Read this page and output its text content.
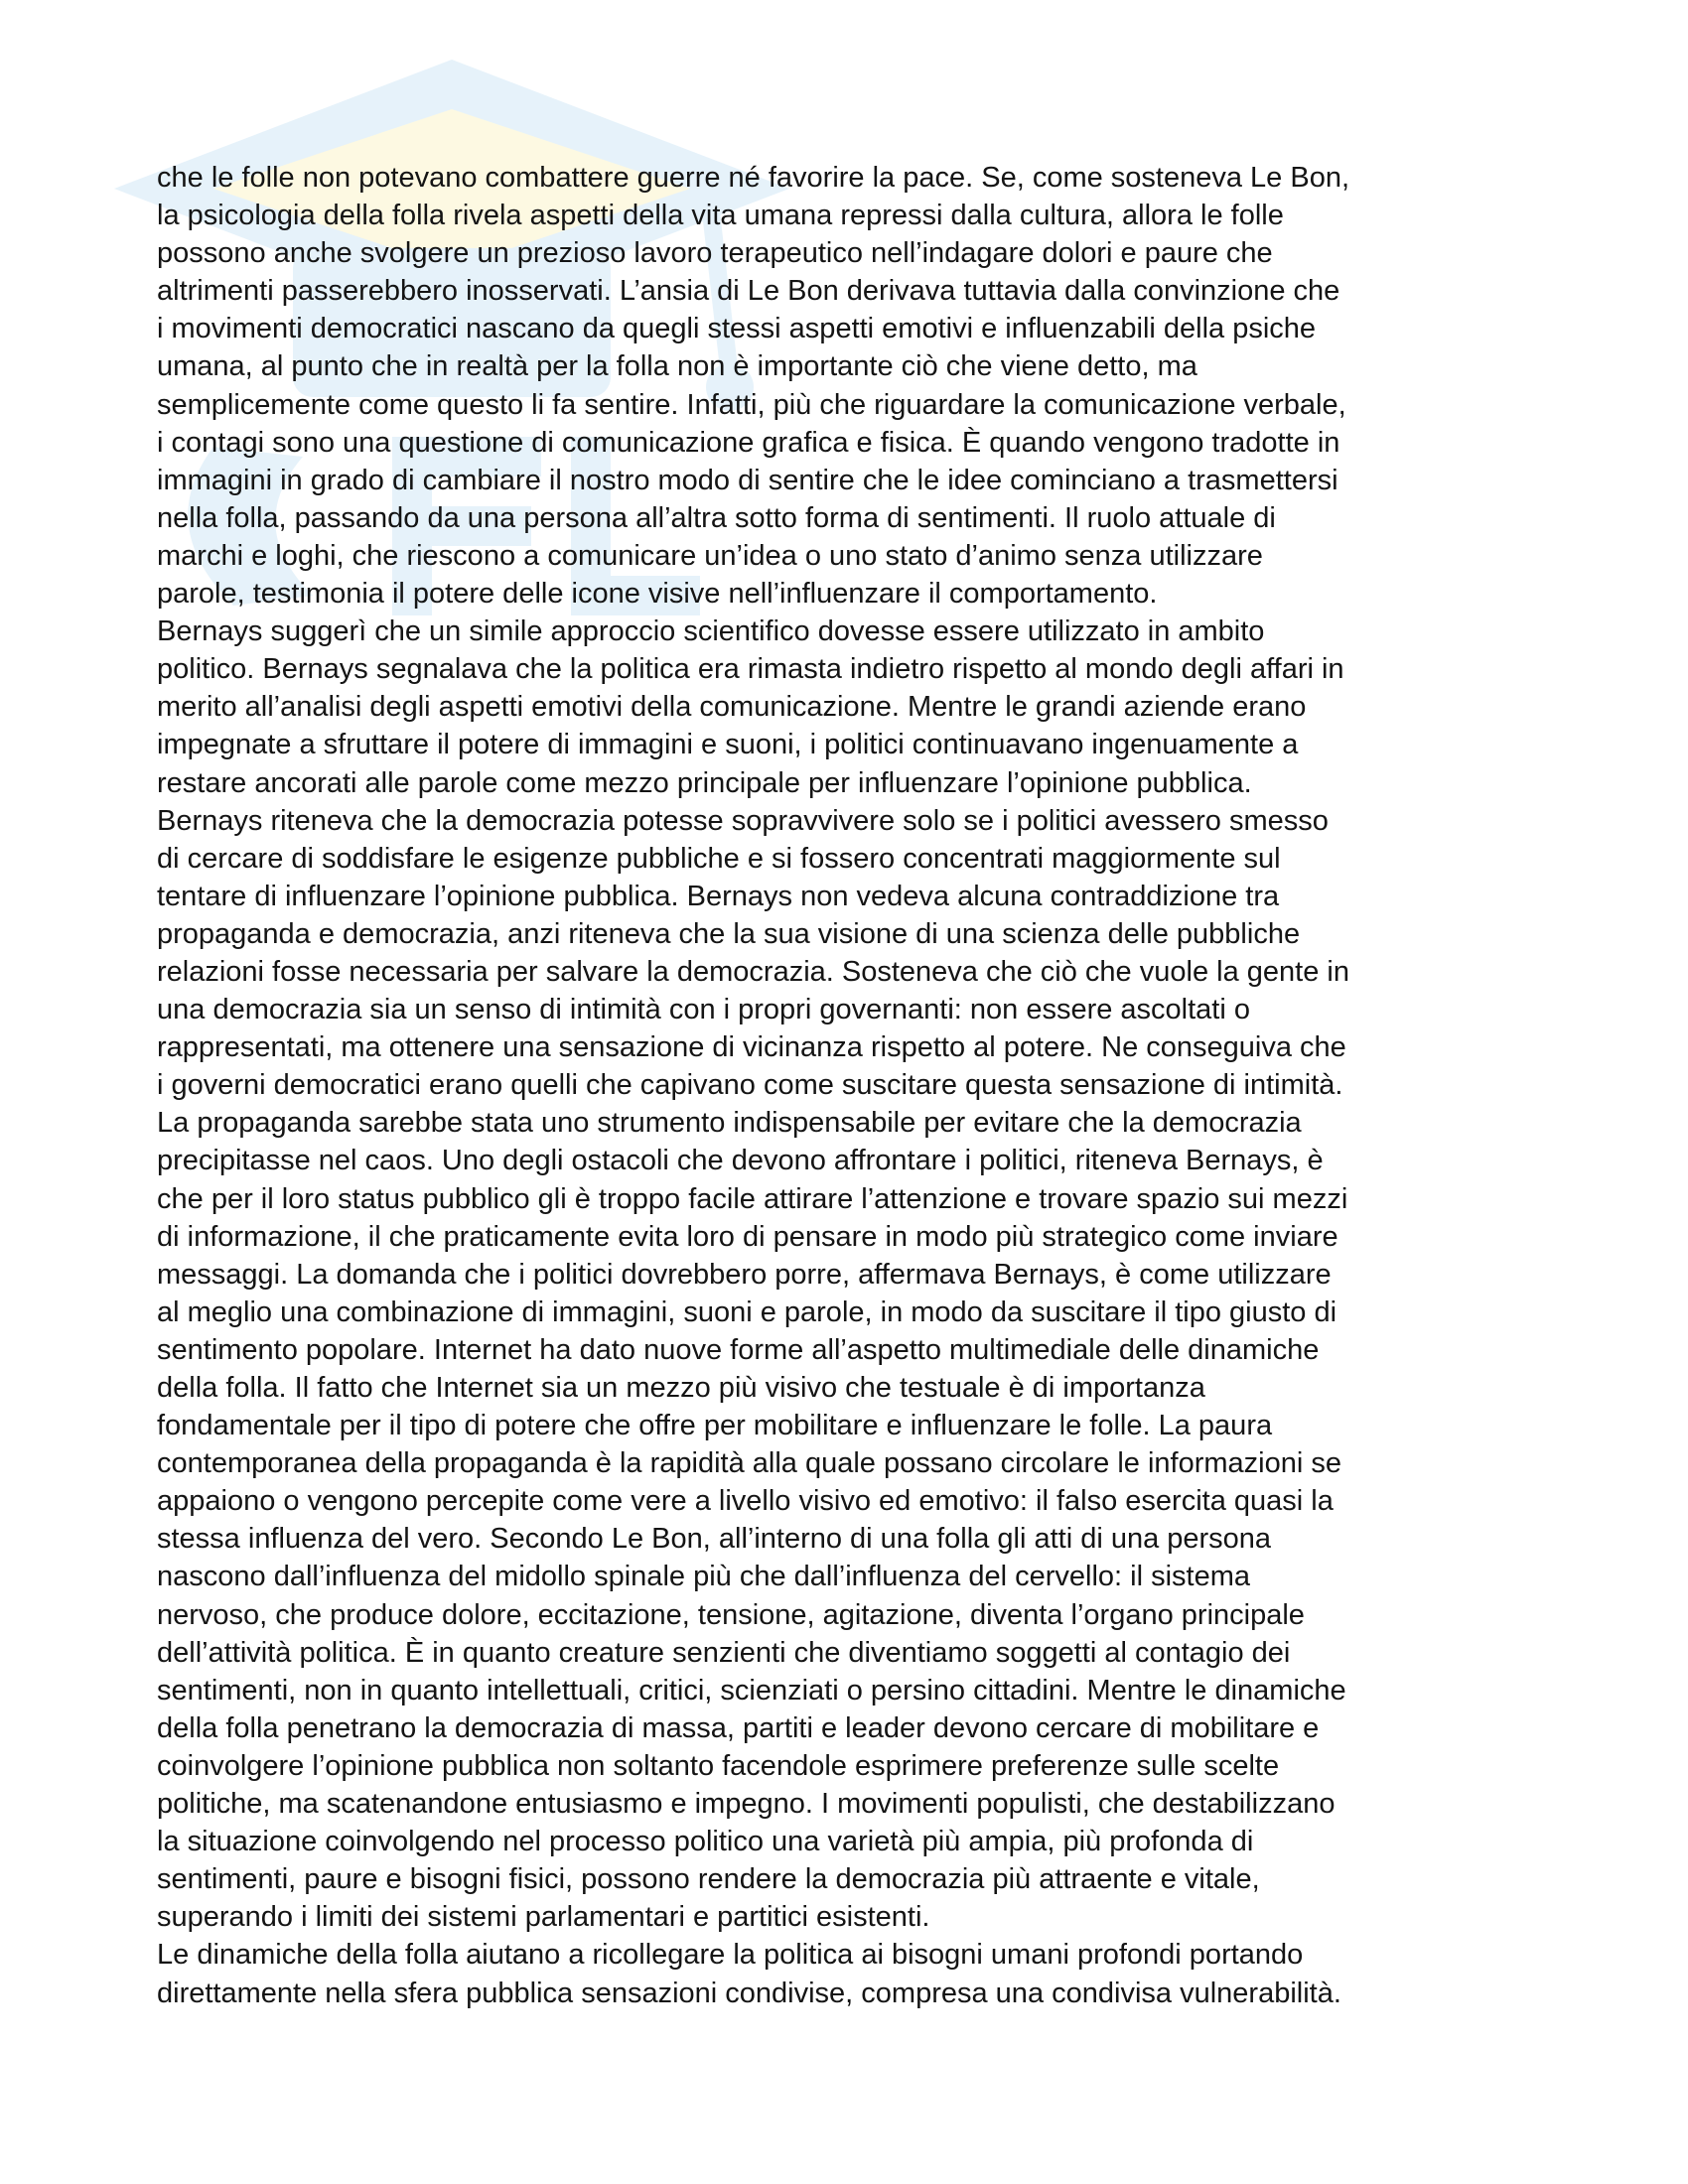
che le folle non potevano combattere guerre né favorire la pace. Se, come sosteneva Le Bon,
la psicologia della folla rivela aspetti della vita umana repressi dalla cultura, allora le folle
possono anche svolgere un prezioso lavoro terapeutico nell’indagare dolori e paure che
altrimenti passerebbero inosservati. L’ansia di Le Bon derivava tuttavia dalla convinzione che
i movimenti democratici nascano da quegli stessi aspetti emotivi e influenzabili della psiche
umana, al punto che in realtà per la folla non è importante ciò che viene detto, ma
semplicemente come questo li fa sentire. Infatti, più che riguardare la comunicazione verbale,
i contagi sono una questione di comunicazione grafica e fisica. È quando vengono tradotte in
immagini in grado di cambiare il nostro modo di sentire che le idee cominciano a trasmettersi
nella folla, passando da una persona all’altra sotto forma di sentimenti. Il ruolo attuale di
marchi e loghi, che riescono a comunicare un’idea o uno stato d’animo senza utilizzare
parole, testimonia il potere delle icone visive nell’influenzare il comportamento.
Bernays suggerì che un simile approccio scientifico dovesse essere utilizzato in ambito
politico. Bernays segnalava che la politica era rimasta indietro rispetto al mondo degli affari in
merito all’analisi degli aspetti emotivi della comunicazione. Mentre le grandi aziende erano
impegnate a sfruttare il potere di immagini e suoni, i politici continuavano ingenuamente a
restare ancorati alle parole come mezzo principale per influenzare l’opinione pubblica.
Bernays riteneva che la democrazia potesse sopravvivere solo se i politici avessero smesso
di cercare di soddisfare le esigenze pubbliche e si fossero concentrati maggiormente sul
tentare di influenzare l’opinione pubblica. Bernays non vedeva alcuna contraddizione tra
propaganda e democrazia, anzi riteneva che la sua visione di una scienza delle pubbliche
relazioni fosse necessaria per salvare la democrazia. Sosteneva che ciò che vuole la gente in
una democrazia sia un senso di intimità con i propri governanti: non essere ascoltati o
rappresentati, ma ottenere una sensazione di vicinanza rispetto al potere. Ne conseguiva che
i governi democratici erano quelli che capivano come suscitare questa sensazione di intimità.
La propaganda sarebbe stata uno strumento indispensabile per evitare che la democrazia
precipitasse nel caos. Uno degli ostacoli che devono affrontare i politici, riteneva Bernays, è
che per il loro status pubblico gli è troppo facile attirare l’attenzione e trovare spazio sui mezzi
di informazione, il che praticamente evita loro di pensare in modo più strategico come inviare
messaggi. La domanda che i politici dovrebbero porre, affermava Bernays, è come utilizzare
al meglio una combinazione di immagini, suoni e parole, in modo da suscitare il tipo giusto di
sentimento popolare. Internet ha dato nuove forme all’aspetto multimediale delle dinamiche
della folla. Il fatto che Internet sia un mezzo più visivo che testuale è di importanza
fondamentale per il tipo di potere che offre per mobilitare e influenzare le folle. La paura
contemporanea della propaganda è la rapidità alla quale possano circolare le informazioni se
appaiono o vengono percepite come vere a livello visivo ed emotivo: il falso esercita quasi la
stessa influenza del vero. Secondo Le Bon, all’interno di una folla gli atti di una persona
nascono dall’influenza del midollo spinale più che dall’influenza del cervello: il sistema
nervoso, che produce dolore, eccitazione, tensione, agitazione, diventa l’organo principale
dell’attività politica. È in quanto creature senzienti che diventiamo soggetti al contagio dei
sentimenti, non in quanto intellettuali, critici, scienziati o persino cittadini. Mentre le dinamiche
della folla penetrano la democrazia di massa, partiti e leader devono cercare di mobilitare e
coinvolgere l’opinione pubblica non soltanto facendole esprimere preferenze sulle scelte
politiche, ma scatenandone entusiasmo e impegno. I movimenti populisti, che destabilizzano
la situazione coinvolgendo nel processo politico una varietà più ampia, più profonda di
sentimenti, paure e bisogni fisici, possono rendere la democrazia più attraente e vitale,
superando i limiti dei sistemi parlamentari e partitici esistenti.
Le dinamiche della folla aiutano a ricollegare la politica ai bisogni umani profondi portando
direttamente nella sfera pubblica sensazioni condivise, compresa una condivisa vulnerabilità.
